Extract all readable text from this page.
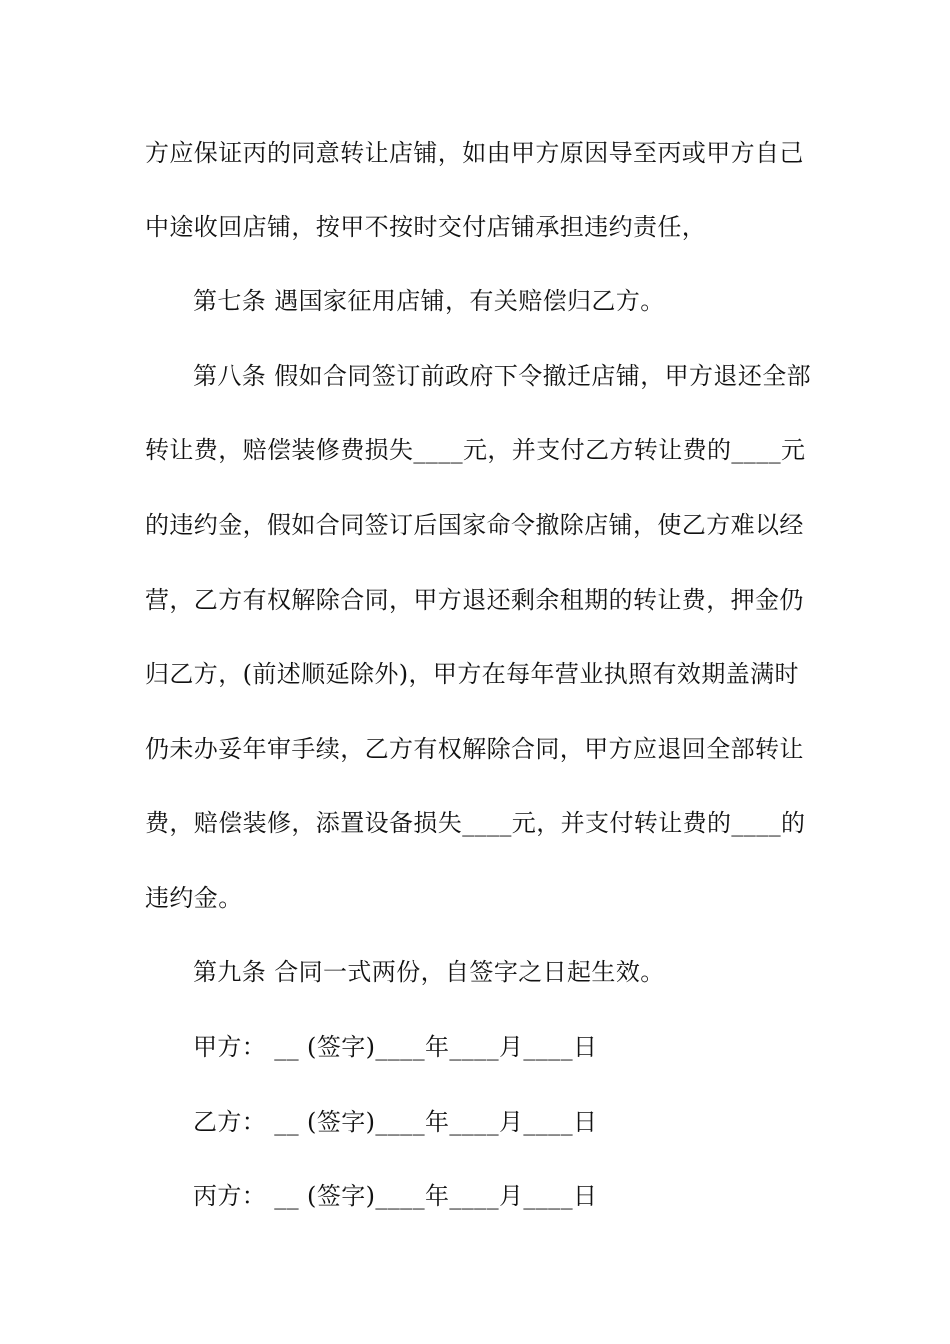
方应保证丙的同意转让店铺，如由甲方原因导至丙或甲方自己
中途收回店铺，按甲不按时交付店铺承担违约责任，
第七条 遇国家征用店铺，有关赔偿归乙方。
第八条 假如合同签订前政府下令撤迁店铺，甲方退还全部
转让费，赔偿装修费损失____元，并支付乙方转让费的____元
的违约金，假如合同签订后国家命令撤除店铺，使乙方难以经
营，乙方有权解除合同，甲方退还剩余租期的转让费，押金仍
归乙方，(前述顺延除外)，甲方在每年营业执照有效期盖满时
仍未办妥年审手续，乙方有权解除合同，甲方应退回全部转让
费，赔偿装修，添置设备损失____元，并支付转让费的____的
违约金。
第九条 合同一式两份，自签字之日起生效。
甲方： __ (签字)____年____月____日
乙方： __ (签字)____年____月____日
丙方： __ (签字)____年____月____日
